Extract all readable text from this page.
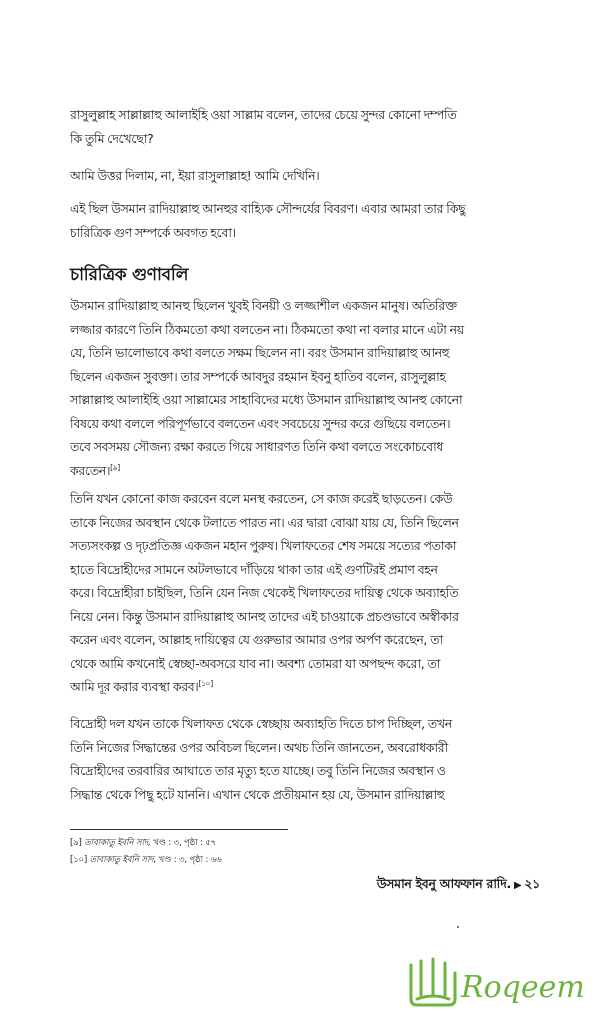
রাসুলুল্লাহ সাল্লাল্লাহু আলাইহি ওয়া সাল্লাম বলেন, তাদের চেয়ে সুন্দর কোনো দম্পতি
কি তুমি দেখেছো?
আমি উত্তর দিলাম, না, ইয়া রাসুলাল্লাহ! আমি দেখিনি।
এই ছিল উসমান রাদিয়াল্লাহু আনহুর বাহ্যিক সৌন্দর্যের বিবরণ। এবার আমরা তার কিছু
চারিত্রিক গুণ সম্পর্কে অবগত হবো।
চারিত্রিক গুণাবলি
উসমান রাদিয়াল্লাহু আনহু ছিলেন খুবই বিনয়ী ও লজ্জাশীল একজন মানুষ। অতিরিক্ত
লজ্জার কারণে তিনি ঠিকমতো কথা বলতেন না। ঠিকমতো কথা না বলার মানে এটা নয়
যে, তিনি ভালোভাবে কথা বলতে সক্ষম ছিলেন না। বরং উসমান রাদিয়াল্লাহু আনহু
ছিলেন একজন সুবক্তা। তার সম্পর্কে আবদুর রহমান ইবনু হাতিব বলেন, রাসুলুল্লাহ
সাল্লাল্লাহু আলাইহি ওয়া সাল্লামের সাহাবিদের মধ্যে উসমান রাদিয়াল্লাহু আনহু কোনো
বিষয়ে কথা বললে পরিপূর্ণভাবে বলতেন এবং সবচেয়ে সুন্দর করে গুছিয়ে বলতেন।
তবে সবসময় সৌজন্য রক্ষা করতে গিয়ে সাধারণত তিনি কথা বলতে সংকোচবোধ
করতেন।[৯]
তিনি যখন কোনো কাজ করবেন বলে মনস্থ করতেন, সে কাজ করেই ছাড়তেন। কেউ
তাকে নিজের অবস্থান থেকে টলাতে পারত না। এর দ্বারা বোঝা যায় যে, তিনি ছিলেন
সত্যসংকল্প ও দৃঢ়প্রতিজ্ঞ একজন মহান পুরুষ। খিলাফতের শেষ সময়ে সত্যের পতাকা
হাতে বিদ্রোহীদের সামনে অটলভাবে দাঁড়িয়ে থাকা তার এই গুণটিরই প্রমাণ বহন
করে। বিদ্রোহীরা চাইছিল, তিনি যেন নিজ থেকেই খিলাফতের দায়িত্ব থেকে অব্যাহতি
নিয়ে নেন। কিন্তু উসমান রাদিয়াল্লাহু আনহু তাদের এই চাওয়াকে প্রচণ্ডভাবে অস্বীকার
করেন এবং বলেন, আল্লাহ দায়িত্বের যে গুরুভার আমার ওপর অর্পণ করেছেন, তা
থেকে আমি কখনোই স্বেচ্ছা-অবসরে যাব না। অবশ্য তোমরা যা অপছন্দ করো, তা
আমি দূর করার ব্যবস্থা করব।[১০]
বিদ্রোহী দল যখন তাকে খিলাফত থেকে স্বেচ্ছায় অব্যাহতি দিতে চাপ দিচ্ছিল, তখন
তিনি নিজের সিদ্ধান্তের ওপর অবিচল ছিলেন। অথচ তিনি জানতেন, অবরোধকারী
বিদ্রোহীদের তরবারির আঘাতে তার মৃত্যু হতে যাচ্ছে। তবু তিনি নিজের অবস্থান ও
সিদ্ধান্ত থেকে পিছু হটে যাননি। এখান থেকে প্রতীয়মান হয় যে, উসমান রাদিয়াল্লাহু
[৯] তাবাকাতু ইবনি সাদ, খণ্ড : ৩, পৃষ্ঠা : ৫৭
[১০] তাবাকাতু ইবনি সাদ, খণ্ড : ৩, পৃষ্ঠা : ৬৬
উসমান ইবনু আফফান রাদি. ▶ ২১
Roqeem
